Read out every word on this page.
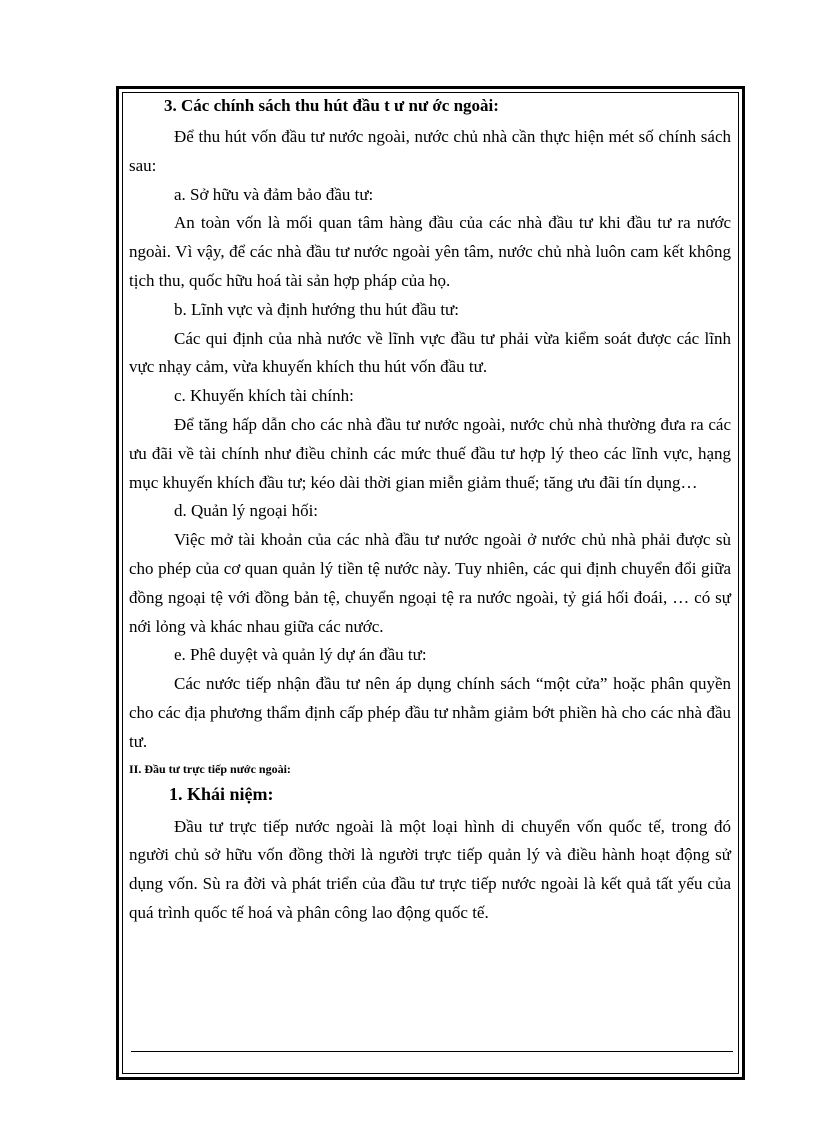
3. Các chính sách thu hút đầu t ư nư ớc ngoài:

Để thu hút vốn đầu tư nước ngoài, nước chủ nhà cần thực hiện mét số chính sách sau:

a. Sở hữu và đảm bảo đầu tư:

An toàn vốn là mối quan tâm hàng đầu của các nhà đầu tư khi đầu tư ra nước ngoài. Vì vậy, để các nhà đầu tư nước ngoài yên tâm, nước chủ nhà luôn cam kết không tịch thu, quốc hữu hoá tài sản hợp pháp của họ.

b. Lĩnh vực và định hướng thu hút đầu tư:

Các qui định của nhà nước về lĩnh vực đầu tư phải vừa kiểm soát được các lĩnh vực nhạy cảm, vừa khuyến khích thu hút vốn đầu tư.

c. Khuyến khích tài chính:

Để tăng hấp dẫn cho các nhà đầu tư nước ngoài, nước chủ nhà thường đưa ra các ưu đãi về tài chính như điều chỉnh các mức thuế đầu tư hợp lý theo các lĩnh vực, hạng mục khuyến khích đầu tư; kéo dài thời gian miễn giảm thuế; tăng ưu đãi tín dụng…

d. Quản lý ngoại hối:

Việc mở tài khoản của các nhà đầu tư nước ngoài ở nước chủ nhà phải được sù cho phép của cơ quan quản lý tiền tệ nước này. Tuy nhiên, các qui định chuyển đổi giữa đồng ngoại tệ với đồng bản tệ, chuyển ngoại tệ ra nước ngoài, tỷ giá hối đoái, … có sự nới lỏng và khác nhau giữa các nước.

e. Phê duyệt và quản lý dự án đầu tư:

Các nước tiếp nhận đầu tư nên áp dụng chính sách “một cửa” hoặc phân quyền cho các địa phương thẩm định cấp phép đầu tư nhằm giảm bớt phiền hà cho các nhà đầu tư.

II. Đầu tư trực tiếp nước ngoài:

1. Khái niệm:

Đầu tư trực tiếp nước ngoài là một loại hình di chuyển vốn quốc tế, trong đó người chủ sở hữu vốn đồng thời là người trực tiếp quản lý và điều hành hoạt động sử dụng vốn. Sù ra đời và phát triển của đầu tư trực tiếp nước ngoài là kết quả tất yếu của quá trình quốc tế hoá và phân công lao động quốc tế.
